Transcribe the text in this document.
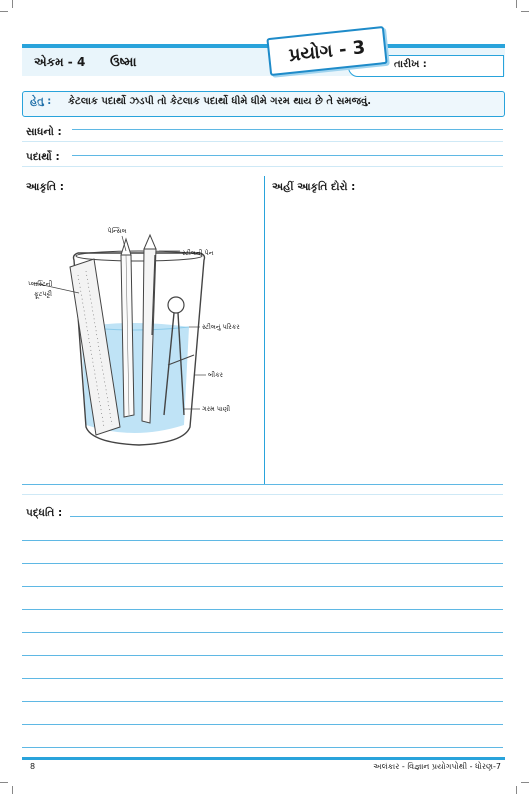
એકમ - 4 ઉષ્મા	તારીખ :
પ્રયોગ - 3
હેતુ : કેટલાક પદાર્થો ઝડપી તો કેટલાક પદાર્થો ધીમે ધીમે ગરમ થાય છે તે સમજવું.
સાધનો :
પદાર્થો :
આકૃતિ :	અહીં આકૃતિ દોરો :
પેન્સિલ
સ્ટીલની પેન
પ્લાસ્ટિની
ફૂટપટ્ટી
સ્ટીલનું પરિકર
બીકર
ગરમ પાણી
પદ્ધતિ :
8	અલંકાર - વિજ્ઞાન પ્રયોગપોથી - ધોરણ-7
